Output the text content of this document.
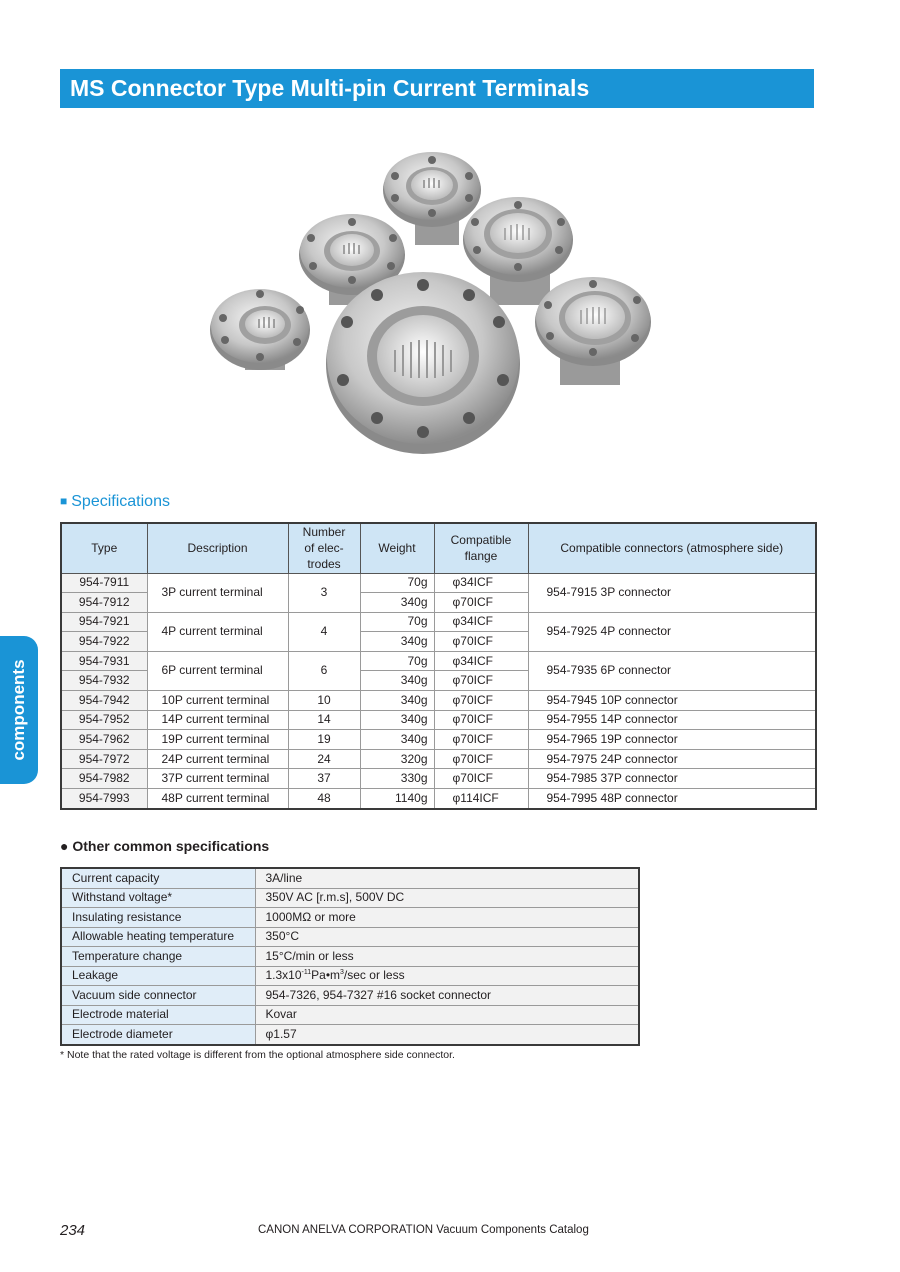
MS Connector Type Multi-pin Current Terminals
components
■ Specifications
Type	Description	Number
of elec-
trodes	Weight	Compatible
flange	Compatible connectors (atmosphere side)
954-7911	3P current terminal	3	70g	φ34ICF	954-7915 3P connector
954-7912			340g	φ70ICF	
954-7921	4P current terminal	4	70g	φ34ICF	954-7925 4P connector
954-7922			340g	φ70ICF	
954-7931	6P current terminal	6	70g	φ34ICF	954-7935 6P connector
954-7932			340g	φ70ICF	
954-7942	10P current terminal	10	340g	φ70ICF	954-7945 10P connector
954-7952	14P current terminal	14	340g	φ70ICF	954-7955 14P connector
954-7962	19P current terminal	19	340g	φ70ICF	954-7965 19P connector
954-7972	24P current terminal	24	320g	φ70ICF	954-7975 24P connector
954-7982	37P current terminal	37	330g	φ70ICF	954-7985 37P connector
954-7993	48P current terminal	48	1140g	φ114ICF	954-7995 48P connector
● Other common specifications
Current capacity	3A/line
Withstand voltage*	350V AC [r.m.s], 500V DC
Insulating resistance	1000MΩ or more
Allowable heating temperature	350°C
Temperature change	15°C/min or less
Leakage	$1.3x10^{-11}Pa•m^3/\sec$ or less
Vacuum side connector	954-7326, 954-7327 #16 socket connector
Electrode material	Kovar
Electrode diameter	φ1.57
* Note that the rated voltage is different from the optional atmosphere side connector.
234	CANON ANELVA CORPORATION Vacuum Components Catalog
